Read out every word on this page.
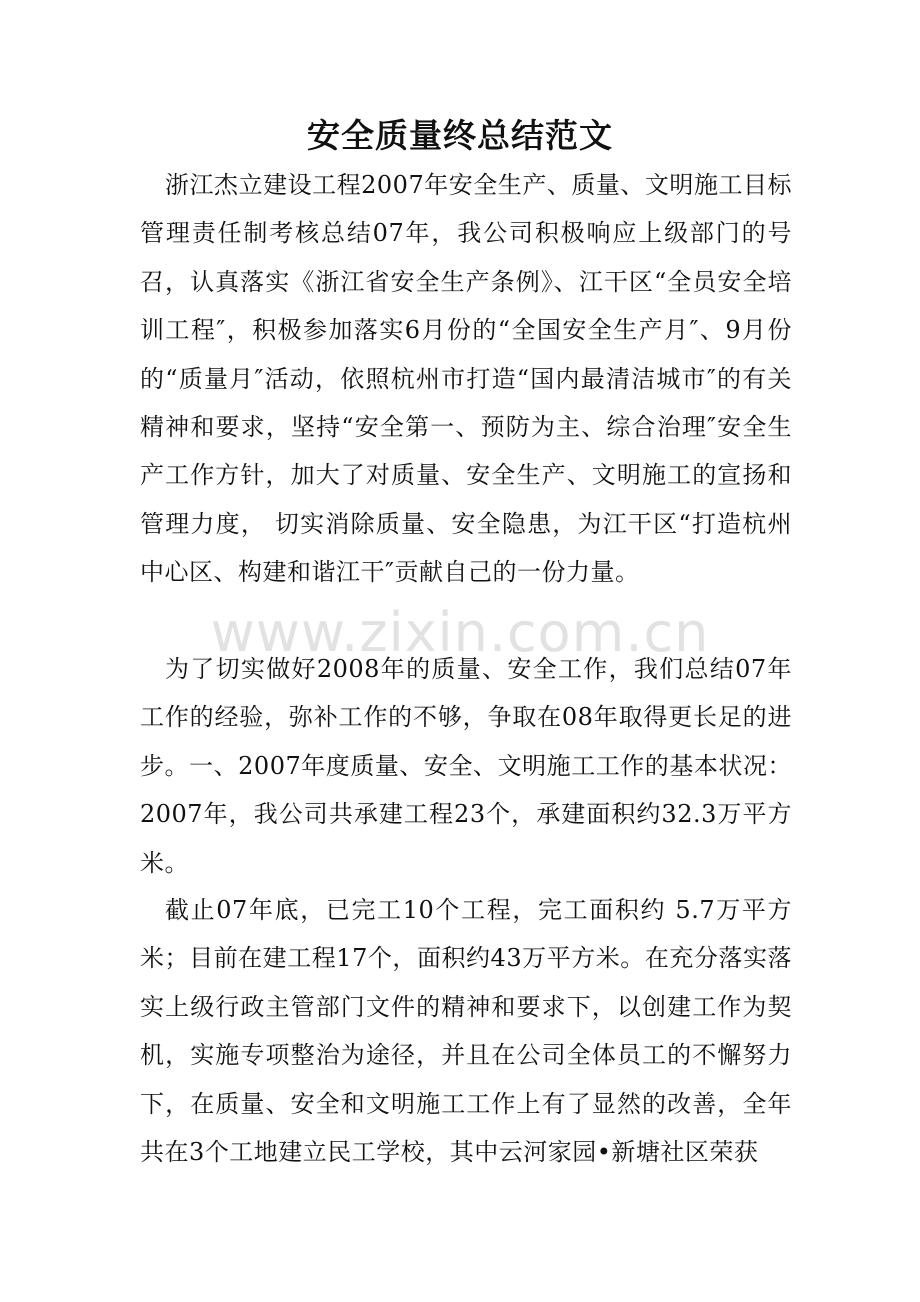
安全质量终总结范文

浙江杰立建设工程2007年安全生产、质量、文明施工目标管理责任制考核总结07年，我公司积极响应上级部门的号召，认真落实《浙江省安全生产条例》、江干区“全员安全培训工程″，积极参加落实6月份的“全国安全生产月″、9月份的“质量月″活动，依照杭州市打造“国内最清洁城市″的有关精神和要求，坚持“安全第一、预防为主、综合治理″安全生产工作方针，加大了对质量、安全生产、文明施工的宣扬和管理力度， 切实消除质量、安全隐患，为江干区“打造杭州中心区、构建和谐江干″贡献自己的一份力量。

www.zixin.com.cn

为了切实做好2008年的质量、安全工作，我们总结07年工作的经验，弥补工作的不够，争取在08年取得更长足的进步。一、2007年度质量、安全、文明施工工作的基本状况：2007年，我公司共承建工程23个，承建面积约32.3万平方米。

截止07年底，已完工10个工程，完工面积约 5.7万平方米；目前在建工程17个，面积约43万平方米。在充分落实落实上级行政主管部门文件的精神和要求下，以创建工作为契机，实施专项整治为途径，并且在公司全体员工的不懈努力下，在质量、安全和文明施工工作上有了显然的改善，全年共在3个工地建立民工学校，其中云河家园•新塘社区荣获
